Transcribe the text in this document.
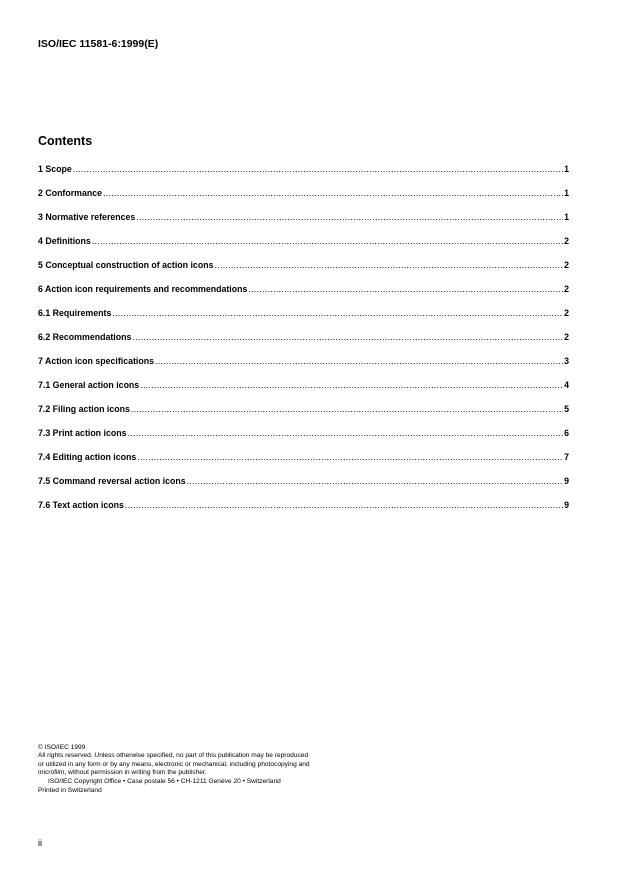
ISO/IEC 11581-6:1999(E)
Contents
1 Scope .....	1
2 Conformance .....	1
3 Normative references .....	1
4 Definitions .....	2
5 Conceptual construction of action icons .....	2
6 Action icon requirements and recommendations .....	2
6.1 Requirements .....	2
6.2 Recommendations .....	2
7 Action icon specifications .....	3
7.1 General action icons .....	4
7.2 Filing action icons .....	5
7.3 Print action icons .....	6
7.4 Editing action icons .....	7
7.5 Command reversal action icons .....	9
7.6 Text action icons .....	9
© ISO/IEC 1999
All rights reserved. Unless otherwise specified, no part of this publication may be reproduced
or utilized in any form or by any means, electronic or mechanical, including photocopying and
microfilm, without permission in writing from the publisher.
ISO/IEC Copyright Office • Case postale 56 • CH-1211 Genève 20 • Switzerland
Printed in Switzerland
ii
